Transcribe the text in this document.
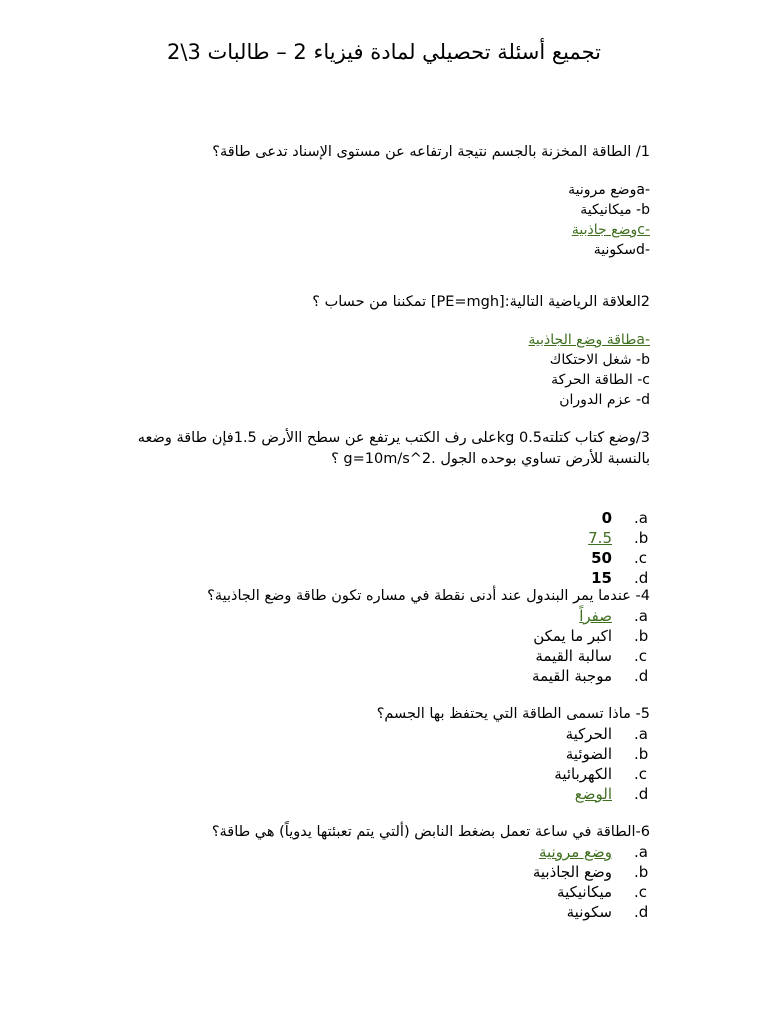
تجميع أسئلة تحصيلي لمادة فيزياء 2 – طالبات 3\2
1/ الطاقة المخزنة بالجسم نتيجة ارتفاعه عن مستوى الإسناد تدعى طاقة؟
-aوضع مرونية
b- ميكانيكية
-cوضع جاذبية
-dسكونية
2العلاقة الرياضية التالية:[PE=mgh] تمكننا من حساب ؟
-aطاقة وضع الجاذبية
b- شغل الاحتكاك
c- الطاقة الحركة
d- عزم الدوران
3/وضع كتاب كتلتهkg 0.5على رف الكتب يرتفع عن سطح االأرض 1.5فإن طاقة وضعه بالنسبة للأرض تساوي بوحده الجول .g=10m/s^2 ؟
.a
0
.b
7.5
.c
50
.d
15
4- عندما يمر البندول عند أدنى نقطة في مساره تكون طاقة وضع الجاذبية؟
.a
صفراً
.b
اكبر ما يمكن
.c
سالبة القيمة
.d
موجبة القيمة
5- ماذا تسمى الطاقة التي يحتفظ بها الجسم؟
.a
الحركية
.b
الضوئية
.c
الكهربائية
.d
الوضع
6-الطاقة في ساعة تعمل بضغط النابض (ألتي يتم تعبئتها يدوياً) هي طاقة؟
.a
وضع مرونية
.b
وضع الجاذبية
.c
ميكانيكية
.d
سكونية
